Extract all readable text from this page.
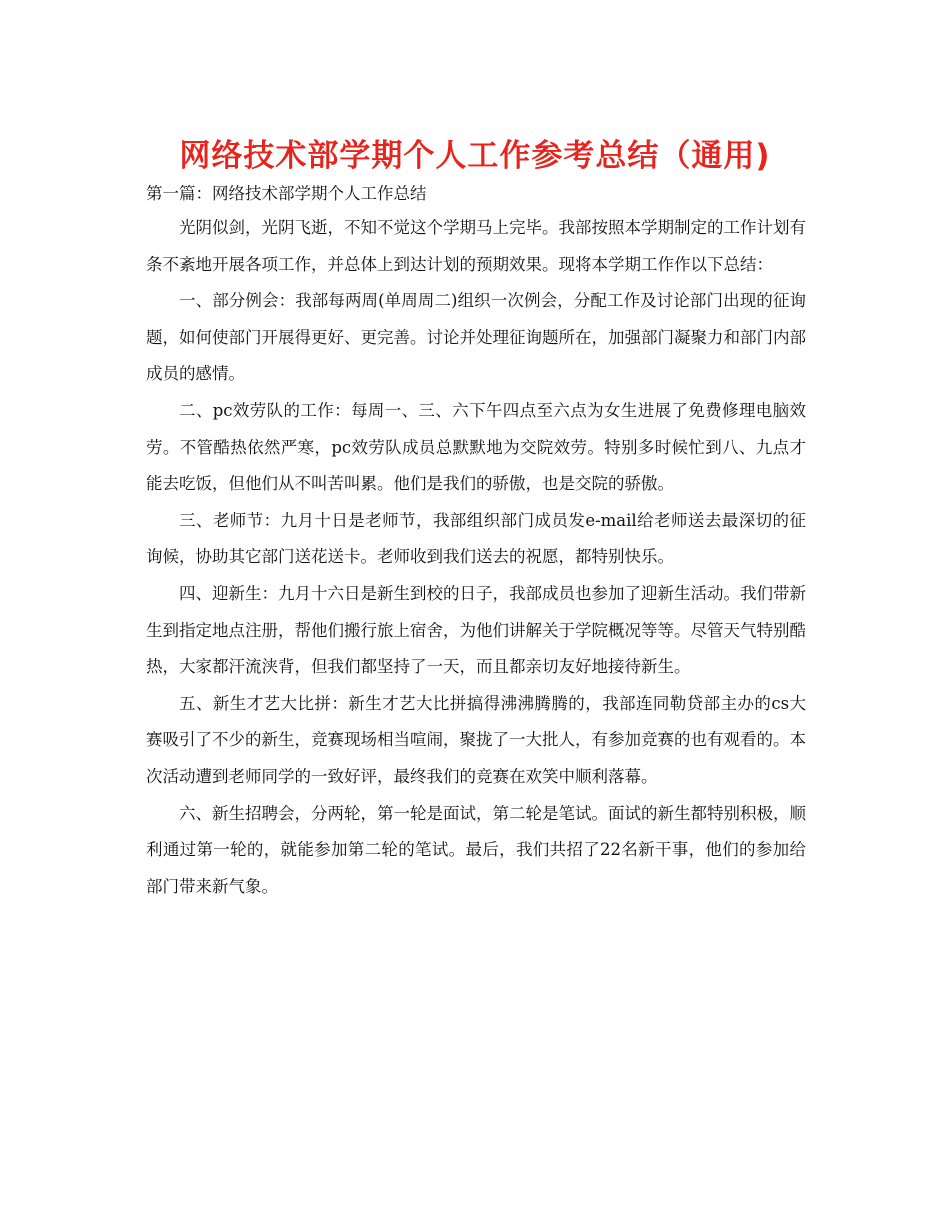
网络技术部学期个人工作参考总结（通用)

第一篇：网络技术部学期个人工作总结

光阴似剑，光阴飞逝，不知不觉这个学期马上完毕。我部按照本学期制定的工作计划有条不紊地开展各项工作，并总体上到达计划的预期效果。现将本学期工作作以下总结：

一、部分例会：我部每两周(单周周二)组织一次例会，分配工作及讨论部门出现的征询题，如何使部门开展得更好、更完善。讨论并处理征询题所在，加强部门凝聚力和部门内部成员的感情。

二、pc效劳队的工作：每周一、三、六下午四点至六点为女生进展了免费修理电脑效劳。不管酷热依然严寒，pc效劳队成员总默默地为交院效劳。特别多时候忙到八、九点才能去吃饭，但他们从不叫苦叫累。他们是我们的骄傲，也是交院的骄傲。

三、老师节：九月十日是老师节，我部组织部门成员发e-mail给老师送去最深切的征询候，协助其它部门送花送卡。老师收到我们送去的祝愿，都特别快乐。

四、迎新生：九月十六日是新生到校的日子，我部成员也参加了迎新生活动。我们带新生到指定地点注册，帮他们搬行旅上宿舍，为他们讲解关于学院概况等等。尽管天气特别酷热，大家都汗流浃背，但我们都坚持了一天，而且都亲切友好地接待新生。

五、新生才艺大比拼：新生才艺大比拼搞得沸沸腾腾的，我部连同勒贷部主办的cs大赛吸引了不少的新生，竞赛现场相当喧闹，聚拢了一大批人，有参加竞赛的也有观看的。本次活动遭到老师同学的一致好评，最终我们的竞赛在欢笑中顺利落幕。

六、新生招聘会，分两轮，第一轮是面试，第二轮是笔试。面试的新生都特别积极，顺利通过第一轮的，就能参加第二轮的笔试。最后，我们共招了22名新干事，他们的参加给部门带来新气象。
